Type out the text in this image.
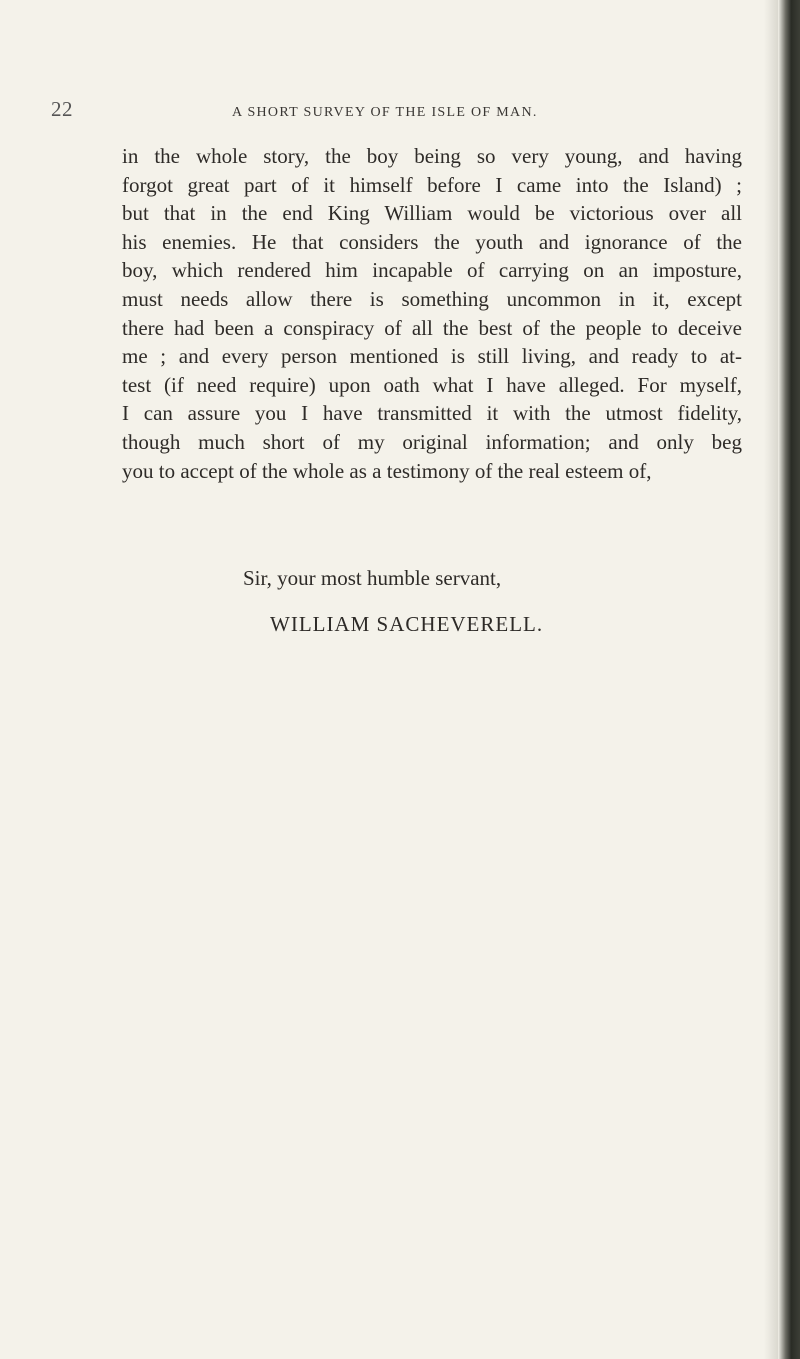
22	A SHORT SURVEY OF THE ISLE OF MAN.
in the whole story, the boy being so very young, and having
forgot great part of it himself before I came into the Island) ;
but that in the end King William would be victorious over all
his enemies. He that considers the youth and ignorance of the
boy, which rendered him incapable of carrying on an imposture,
must needs allow there is something uncommon in it, except
there had been a conspiracy of all the best of the people to deceive
me ; and every person mentioned is still living, and ready to at-
test (if need require) upon oath what I have alleged. For myself,
I can assure you I have transmitted it with the utmost fidelity,
though much short of my original information; and only beg
you to accept of the whole as a testimony of the real esteem of,
Sir, your most humble servant,
WILLIAM SACHEVERELL.
